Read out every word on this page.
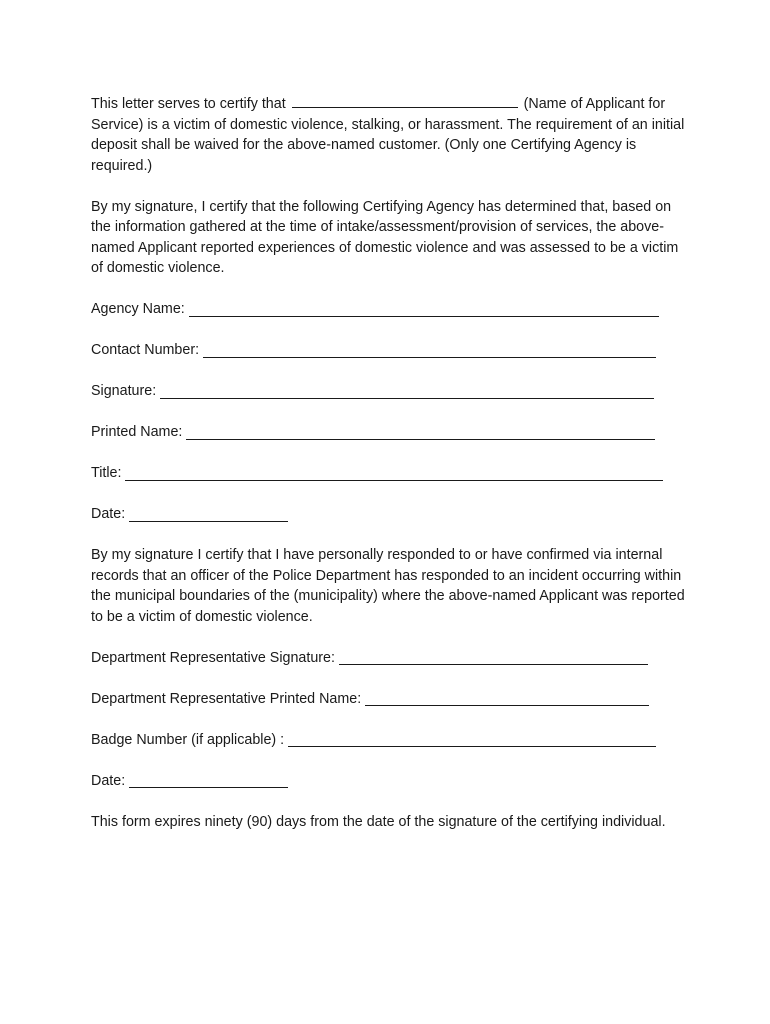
This letter serves to certify that	(Name of Applicant for Service) is a victim of domestic violence, stalking, or harassment. The requirement of an initial deposit shall be waived for the above-named customer. (Only one Certifying Agency is required.)

By my signature, I certify that the following Certifying Agency has determined that, based on the information gathered at the time of intake/assessment/provision of services, the above-named Applicant reported experiences of domestic violence and was assessed to be a victim of domestic violence.

Agency Name:
Contact Number:
Signature:
Printed Name:
Title:
Date:

By my signature I certify that I have personally responded to or have confirmed via internal records that an officer of the Police Department has responded to an incident occurring within the municipal boundaries of the (municipality) where the above-named Applicant was reported to be a victim of domestic violence.

Department Representative Signature:
Department Representative Printed Name:
Badge Number (if applicable) :
Date:

This form expires ninety (90) days from the date of the signature of the certifying individual.
